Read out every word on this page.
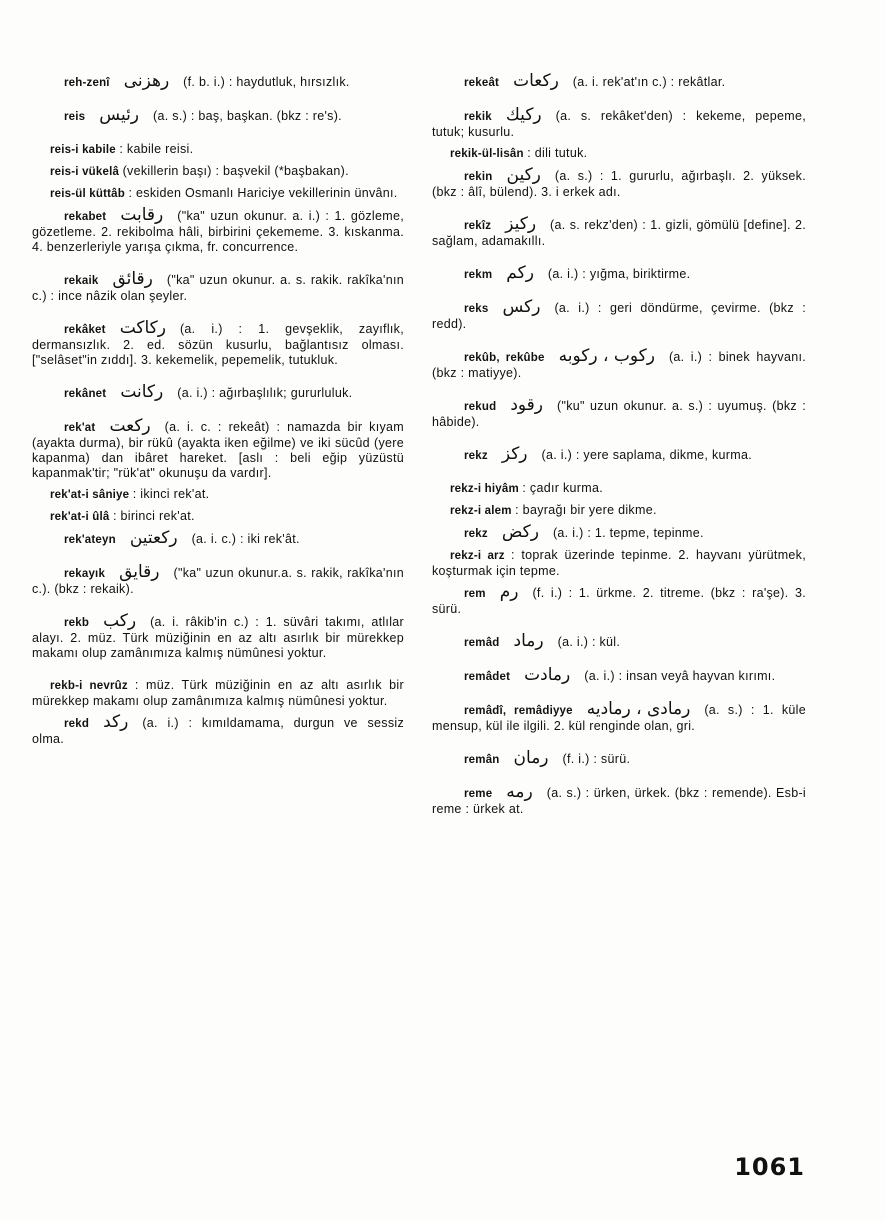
reh-zenî رهزنى (f. b. i.) : haydutluk, hırsızlık.
reis رئيس (a. s.) : baş, başkan. (bkz : re's).
reis-i kabile : kabile reisi.
reis-i vükelâ (vekillerin başı) : başvekil (*başbakan).
reis-ül küttâb : eskiden Osmanlı Hariciye vekillerinin ünvânı.
rekabet رقابت ("ka" uzun okunur. a. i.) : 1. gözleme, gözetleme. 2. rekibolma hâli, birbirini çekememe. 3. kıskanma. 4. benzerleriyle yarışa çıkma, fr. concurrence.
rekaik رقائق ("ka" uzun okunur. a. s. rakik. rakîka'nın c.) : ince nâzik olan şeyler.
rekâket ركاكت (a. i.) : 1. gevşeklik, zayıflık, dermansızlık. 2. ed. sözün kusurlu, bağlantısız olması. ["selâset"in zıddı]. 3. kekemelik, pepemelik, tutukluk.
rekânet ركانت (a. i.) : ağırbaşlılık; gururluluk.
rek'at ركعت (a. i. c. : rekeât) : namazda bir kıyam (ayakta durma), bir rükû (ayakta iken eğilme) ve iki sücûd (yere kapanma) dan ibâret hareket. [aslı : beli eğip yüzüstü kapanmak'tir; "rük'at" okunuşu da vardır].
rek'at-i sâniye : ikinci rek'at.
rek'at-i ûlâ : birinci rek'at.
rek'ateyn ركعتين (a. i. c.) : iki rek'ât.
rekayık رقايق ("ka" uzun okunur.a. s. rakik, rakîka'nın c.). (bkz : rekaik).
rekb ركب (a. i. râkib'in c.) : 1. süvâri takımı, atlılar alayı. 2. müz. Türk müziğinin en az altı asırlık bir mürekkep makamı olup zamânımıza kalmış nümûnesi yoktur.
rekb-i nevrûz : müz. Türk müziğinin en az altı asırlık bir mürekkep makamı olup zamânımıza kalmış nümûnesi yoktur.
rekd ركد (a. i.) : kımıldamama, durgun ve sessiz olma.
rekeât ركعات (a. i. rek'at'ın c.) : rekâtlar.
rekik ركيك (a. s. rekâket'den) : kekeme, pepeme, tutuk; kusurlu.
rekik-ül-lisân : dili tutuk.
rekin ركين (a. s.) : 1. gururlu, ağırbaşlı. 2. yüksek. (bkz : âlî, bülend). 3. i erkek adı.
rekîz ركيز (a. s. rekz'den) : 1. gizli, gömülü [define]. 2. sağlam, adamakıllı.
rekm ركم (a. i.) : yığma, biriktirme.
reks ركس (a. i.) : geri döndürme, çevirme. (bkz : redd).
rekûb, rekûbe ركوب ، ركوبه (a. i.) : binek hayvanı. (bkz : matiyye).
rekud رقود ("ku" uzun okunur. a. s.) : uyumuş. (bkz : hâbide).
rekz ركز (a. i.) : yere saplama, dikme, kurma.
rekz-i hiyâm : çadır kurma.
rekz-i alem : bayrağı bir yere dikme.
rekz ركض (a. i.) : 1. tepme, tepinme.
rekz-i arz : toprak üzerinde tepinme. 2. hayvanı yürütmek, koşturmak için tepme.
rem رم (f. i.) : 1. ürkme. 2. titreme. (bkz : ra'şe). 3. sürü.
remâd رماد (a. i.) : kül.
remâdet رمادت (a. i.) : insan veyâ hayvan kırımı.
remâdî, remâdiyye رمادى ، رماديه (a. s.) : 1. küle mensup, kül ile ilgili. 2. kül renginde olan, gri.
remân رمان (f. i.) : sürü.
reme رمه (a. s.) : ürken, ürkek. (bkz : remende). Esb-i reme : ürkek at.
1061
